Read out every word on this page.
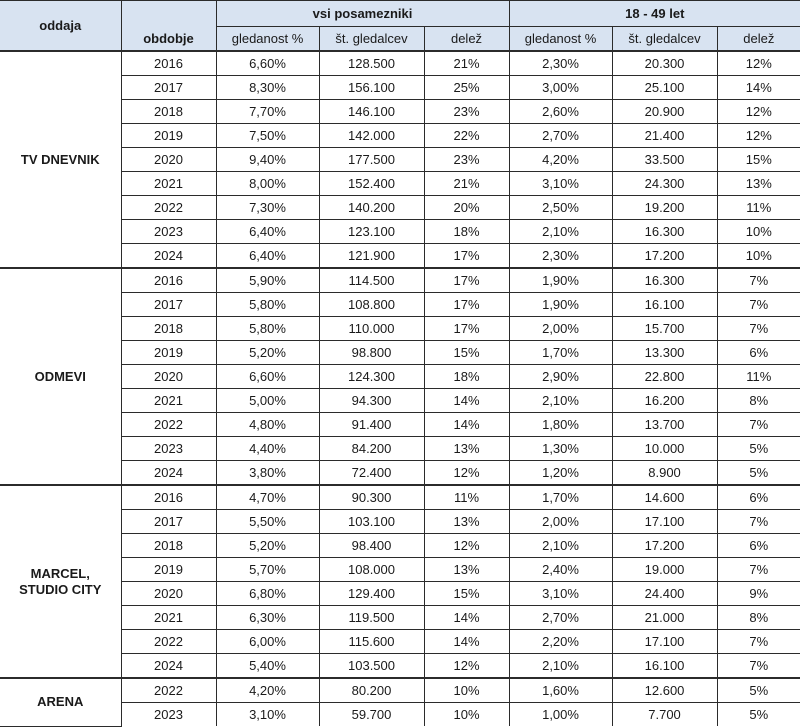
oddaja		vsi posamezniki			18 - 49 let		
	obdobje	gledanost %	št. gledalcev	delež	gledanost %	št. gledalcev	delež
TV DNEVNIK	2016	6,60%	128.500	21%	2,30%	20.300	12%
	2017	8,30%	156.100	25%	3,00%	25.100	14%
	2018	7,70%	146.100	23%	2,60%	20.900	12%
	2019	7,50%	142.000	22%	2,70%	21.400	12%
	2020	9,40%	177.500	23%	4,20%	33.500	15%
	2021	8,00%	152.400	21%	3,10%	24.300	13%
	2022	7,30%	140.200	20%	2,50%	19.200	11%
	2023	6,40%	123.100	18%	2,10%	16.300	10%
	2024	6,40%	121.900	17%	2,30%	17.200	10%
ODMEVI	2016	5,90%	114.500	17%	1,90%	16.300	7%
	2017	5,80%	108.800	17%	1,90%	16.100	7%
	2018	5,80%	110.000	17%	2,00%	15.700	7%
	2019	5,20%	98.800	15%	1,70%	13.300	6%
	2020	6,60%	124.300	18%	2,90%	22.800	11%
	2021	5,00%	94.300	14%	2,10%	16.200	8%
	2022	4,80%	91.400	14%	1,80%	13.700	7%
	2023	4,40%	84.200	13%	1,30%	10.000	5%
	2024	3,80%	72.400	12%	1,20%	8.900	5%
MARCEL,
STUDIO CITY	2016	4,70%	90.300	11%	1,70%	14.600	6%
	2017	5,50%	103.100	13%	2,00%	17.100	7%
	2018	5,20%	98.400	12%	2,10%	17.200	6%
	2019	5,70%	108.000	13%	2,40%	19.000	7%
	2020	6,80%	129.400	15%	3,10%	24.400	9%
	2021	6,30%	119.500	14%	2,70%	21.000	8%
	2022	6,00%	115.600	14%	2,20%	17.100	7%
	2024	5,40%	103.500	12%	2,10%	16.100	7%
ARENA	2022	4,20%	80.200	10%	1,60%	12.600	5%
	2023	3,10%	59.700	10%	1,00%	7.700	5%
